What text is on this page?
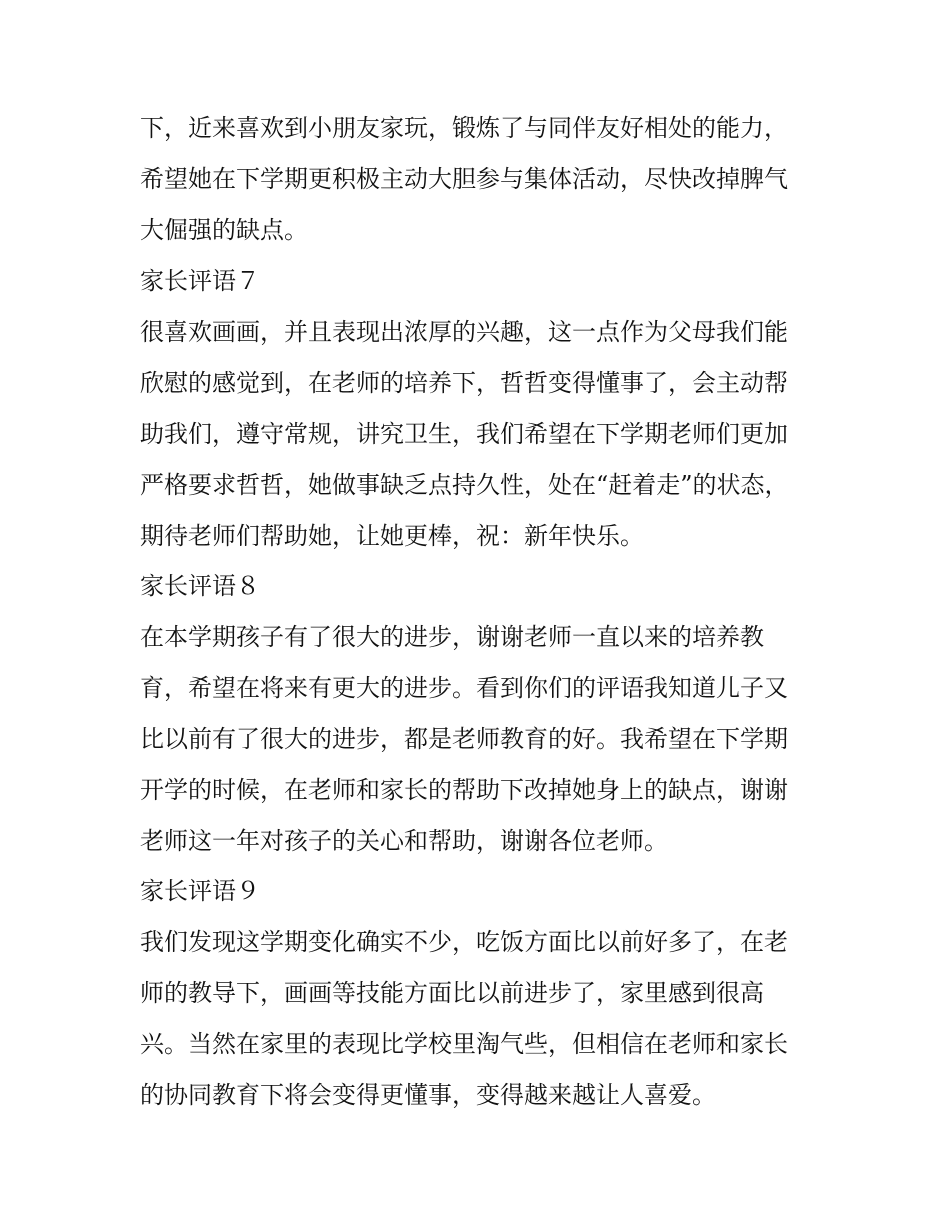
下，近来喜欢到小朋友家玩，锻炼了与同伴友好相处的能力，
希望她在下学期更积极主动大胆参与集体活动，尽快改掉脾气
大倔强的缺点。
家长评语７
很喜欢画画，并且表现出浓厚的兴趣，这一点作为父母我们能
欣慰的感觉到，在老师的培养下，哲哲变得懂事了，会主动帮
助我们，遵守常规，讲究卫生，我们希望在下学期老师们更加
严格要求哲哲，她做事缺乏点持久性，处在“赶着走”的状态，
期待老师们帮助她，让她更棒，祝：新年快乐。
家长评语８
在本学期孩子有了很大的进步，谢谢老师一直以来的培养教
育，希望在将来有更大的进步。看到你们的评语我知道儿子又
比以前有了很大的进步，都是老师教育的好。我希望在下学期
开学的时候，在老师和家长的帮助下改掉她身上的缺点，谢谢
老师这一年对孩子的关心和帮助，谢谢各位老师。
家长评语９
我们发现这学期变化确实不少，吃饭方面比以前好多了，在老
师的教导下，画画等技能方面比以前进步了，家里感到很高
兴。当然在家里的表现比学校里淘气些，但相信在老师和家长
的协同教育下将会变得更懂事，变得越来越让人喜爱。
